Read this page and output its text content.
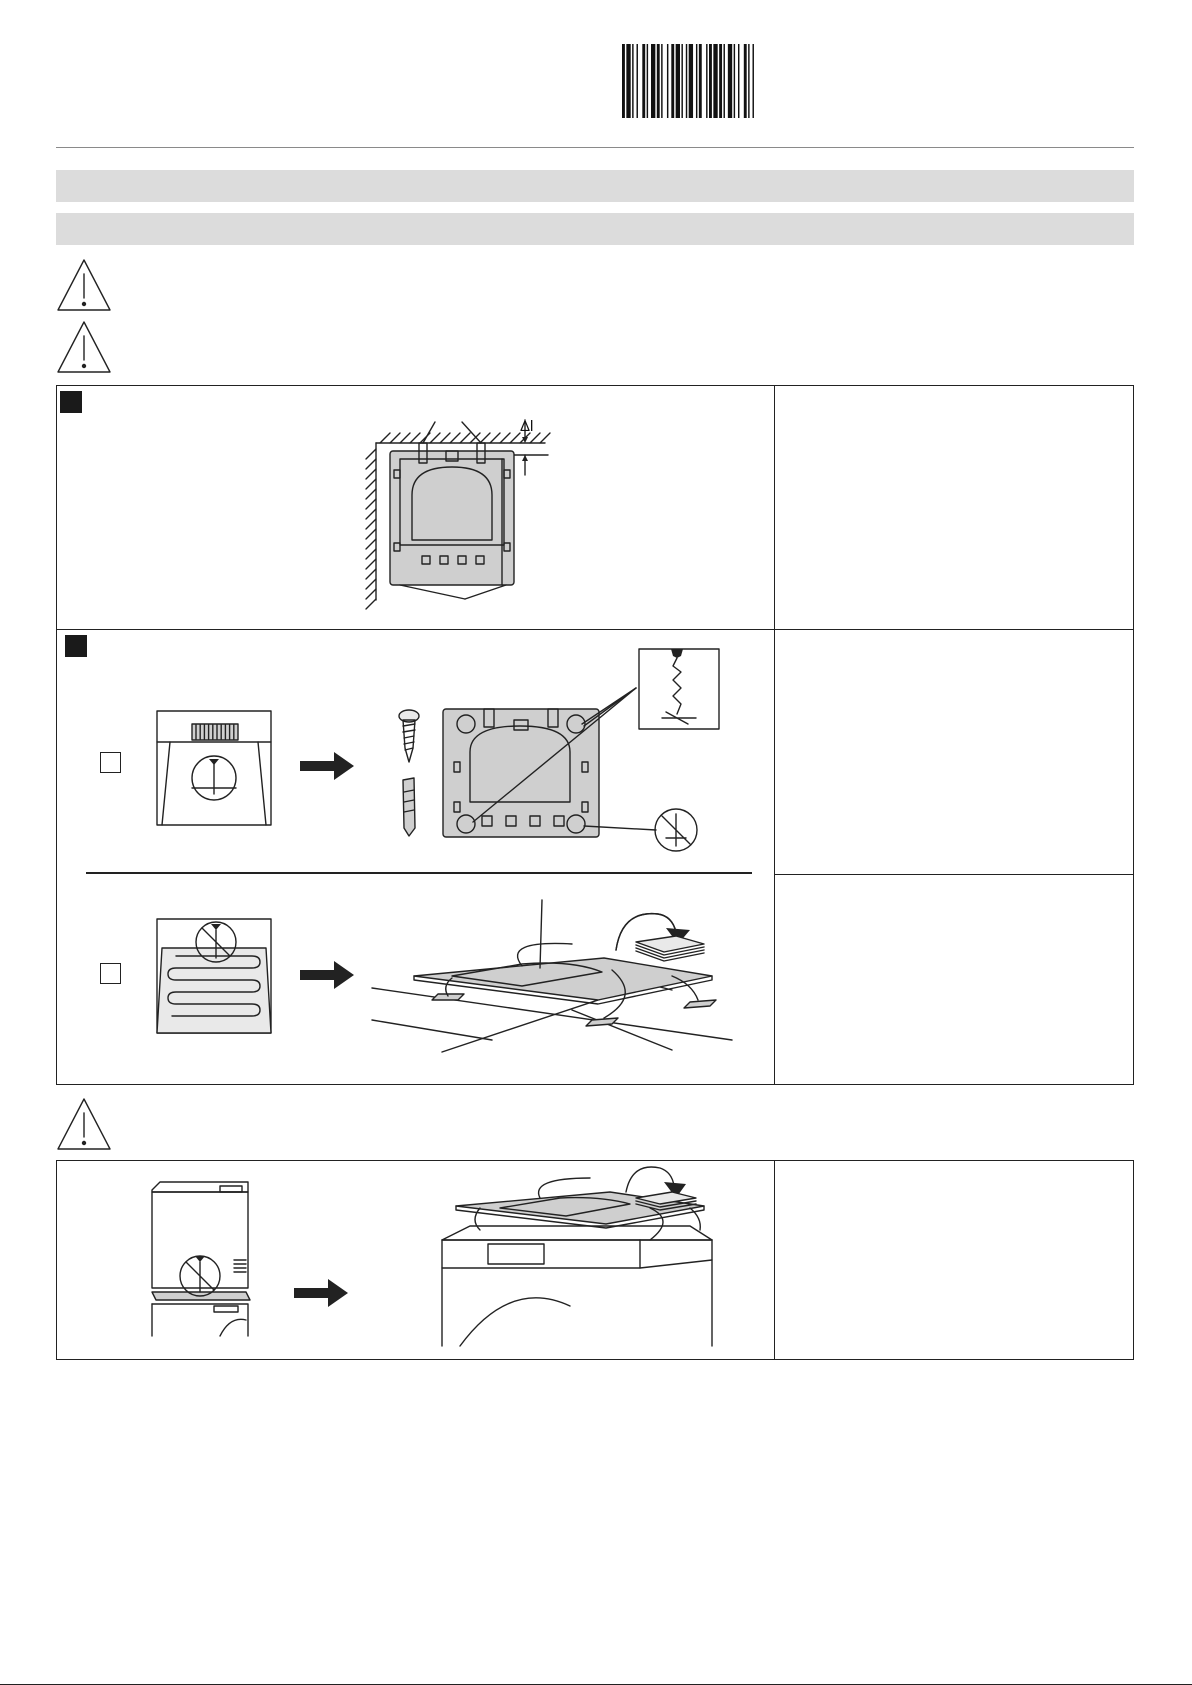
Δl
